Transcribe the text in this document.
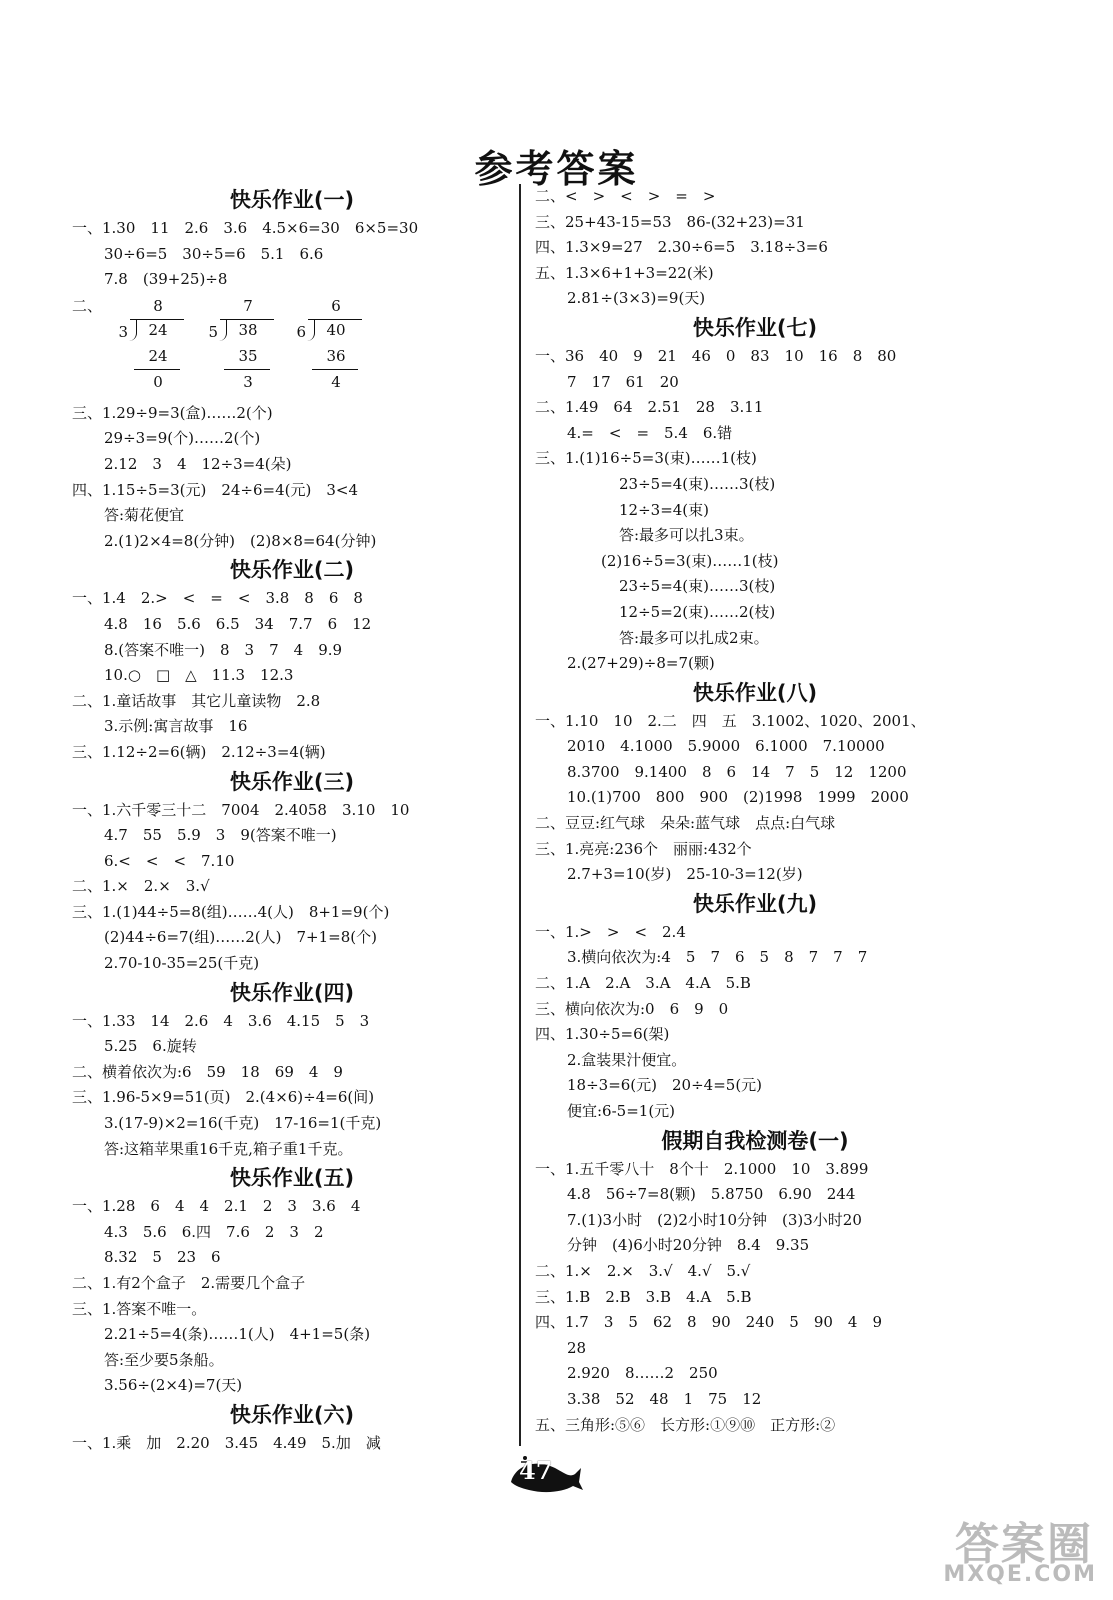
参考答案
快乐作业(一)
一、1.30　11　2.6　3.6　4.5×6=30　6×5=30
30÷6=5　30÷5=6　5.1　6.6
7.8　(39+25)÷8
二、	8
3	24
24
0
7
5	38
35
3
6
6	40
36
4
三、1.29÷9=3(盒)……2(个)
29÷3=9(个)……2(个)
2.12　3　4　12÷3=4(朵)
四、1.15÷5=3(元)　24÷6=4(元)　3<4
答:菊花便宜
2.(1)2×4=8(分钟)　(2)8×8=64(分钟)
快乐作业(二)
一、1.4　2.>　<　=　<　3.8　8　6　8
4.8　16　5.6　6.5　34　7.7　6　12
8.(答案不唯一)　8　3　7　4　9.9
10.○　□　△　11.3　12.3
二、1.童话故事　其它儿童读物　2.8
3.示例:寓言故事　16
三、1.12÷2=6(辆)　2.12÷3=4(辆)
快乐作业(三)
一、1.六千零三十二　7004　2.4058　3.10　10
4.7　55　5.9　3　9(答案不唯一)
6.<　<　<　7.10
二、1.×　2.×　3.√
三、1.(1)44÷5=8(组)……4(人)　8+1=9(个)
(2)44÷6=7(组)……2(人)　7+1=8(个)
2.70-10-35=25(千克)
快乐作业(四)
一、1.33　14　2.6　4　3.6　4.15　5　3
5.25　6.旋转
二、横着依次为:6　59　18　69　4　9
三、1.96-5×9=51(页)　2.(4×6)÷4=6(间)
3.(17-9)×2=16(千克)　17-16=1(千克)
答:这箱苹果重16千克,箱子重1千克。
快乐作业(五)
一、1.28　6　4　4　2.1　2　3　3.6　4
4.3　5.6　6.四　7.6　2　3　2
8.32　5　23　6
二、1.有2个盒子　2.需要几个盒子
三、1.答案不唯一。
2.21÷5=4(条)……1(人)　4+1=5(条)
答:至少要5条船。
3.56÷(2×4)=7(天)
快乐作业(六)
一、1.乘　加　2.20　3.45　4.49　5.加　减
二、<　>　<　>　=　>
三、25+43-15=53　86-(32+23)=31
四、1.3×9=27　2.30÷6=5　3.18÷3=6
五、1.3×6+1+3=22(米)
2.81÷(3×3)=9(天)
快乐作业(七)
一、36　40　9　21　46　0　83　10　16　8　80
7　17　61　20
二、1.49　64　2.51　28　3.11
4.=　<　=　5.4　6.错
三、1.(1)16÷5=3(束)……1(枝)
23÷5=4(束)……3(枝)
12÷3=4(束)
答:最多可以扎3束。
(2)16÷5=3(束)……1(枝)
23÷5=4(束)……3(枝)
12÷5=2(束)……2(枝)
答:最多可以扎成2束。
2.(27+29)÷8=7(颗)
快乐作业(八)
一、1.10　10　2.二　四　五　3.1002、1020、2001、
2010　4.1000　5.9000　6.1000　7.10000
8.3700　9.1400　8　6　14　7　5　12　1200
10.(1)700　800　900　(2)1998　1999　2000
二、豆豆:红气球　朵朵:蓝气球　点点:白气球
三、1.亮亮:236个　丽丽:432个
2.7+3=10(岁)　25-10-3=12(岁)
快乐作业(九)
一、1.>　>　<　2.4
3.横向依次为:4　5　7　6　5　8　7　7　7
二、1.A　2.A　3.A　4.A　5.B
三、横向依次为:0　6　9　0
四、1.30÷5=6(架)
2.盒装果汁便宜。
18÷3=6(元)　20÷4=5(元)
便宜:6-5=1(元)
假期自我检测卷(一)
一、1.五千零八十　8个十　2.1000　10　3.899
4.8　56÷7=8(颗)　5.8750　6.90　244
7.(1)3小时　(2)2小时10分钟　(3)3小时20
分钟　(4)6小时20分钟　8.4　9.35
二、1.×　2.×　3.√　4.√　5.√
三、1.B　2.B　3.B　4.A　5.B
四、1.7　3　5　62　8　90　240　5　90　4　9
28
2.920　8……2　250
3.38　52　48　1　75　12
五、三角形:⑤⑥　长方形:①⑨⑩　正方形:②
47
答案圈
MXQE.COM
